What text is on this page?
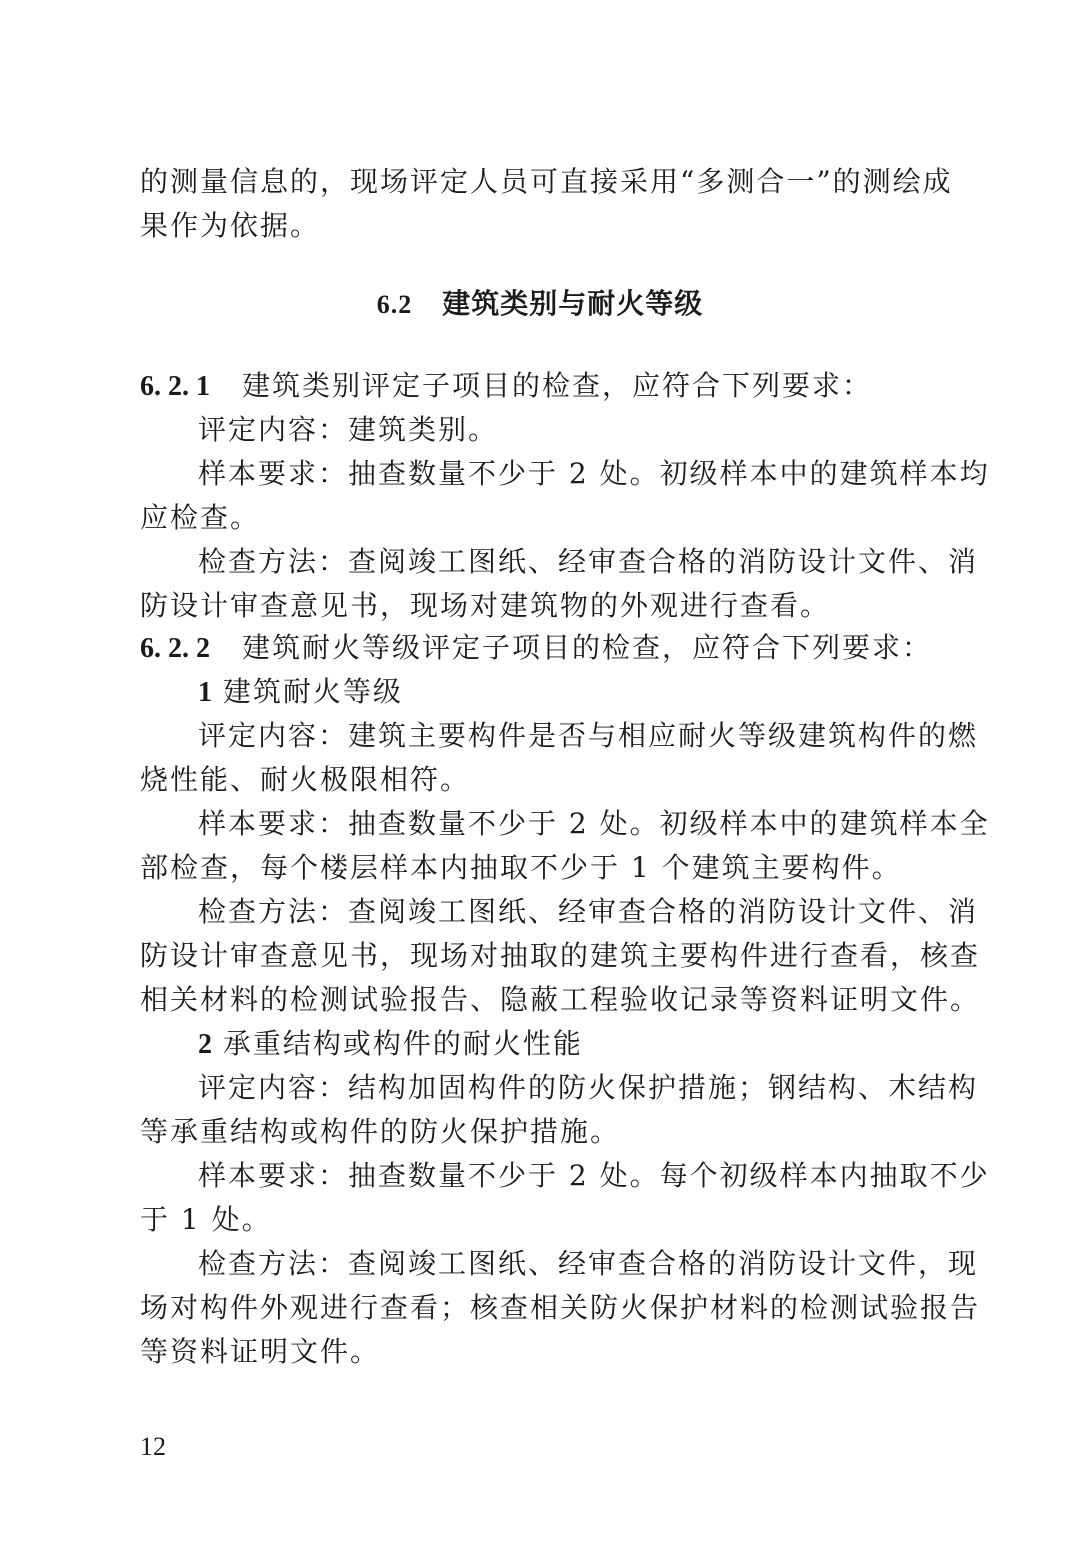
的测量信息的，现场评定人员可直接采用“多测合一”的测绘成
果作为依据。
6.2 建筑类别与耐火等级
6. 2. 1 建筑类别评定子项目的检查，应符合下列要求：
评定内容：建筑类别。
样本要求：抽查数量不少于 2 处。初级样本中的建筑样本均
应检查。
检查方法：查阅竣工图纸、经审查合格的消防设计文件、消
防设计审查意见书，现场对建筑物的外观进行查看。
6. 2. 2 建筑耐火等级评定子项目的检查，应符合下列要求：
1 建筑耐火等级
评定内容：建筑主要构件是否与相应耐火等级建筑构件的燃
烧性能、耐火极限相符。
样本要求：抽查数量不少于 2 处。初级样本中的建筑样本全
部检查，每个楼层样本内抽取不少于 1 个建筑主要构件。
检查方法：查阅竣工图纸、经审查合格的消防设计文件、消
防设计审查意见书，现场对抽取的建筑主要构件进行查看，核查
相关材料的检测试验报告、隐蔽工程验收记录等资料证明文件。
2 承重结构或构件的耐火性能
评定内容：结构加固构件的防火保护措施；钢结构、木结构
等承重结构或构件的防火保护措施。
样本要求：抽查数量不少于 2 处。每个初级样本内抽取不少
于 1 处。
检查方法：查阅竣工图纸、经审查合格的消防设计文件，现
场对构件外观进行查看；核查相关防火保护材料的检测试验报告
等资料证明文件。
12
